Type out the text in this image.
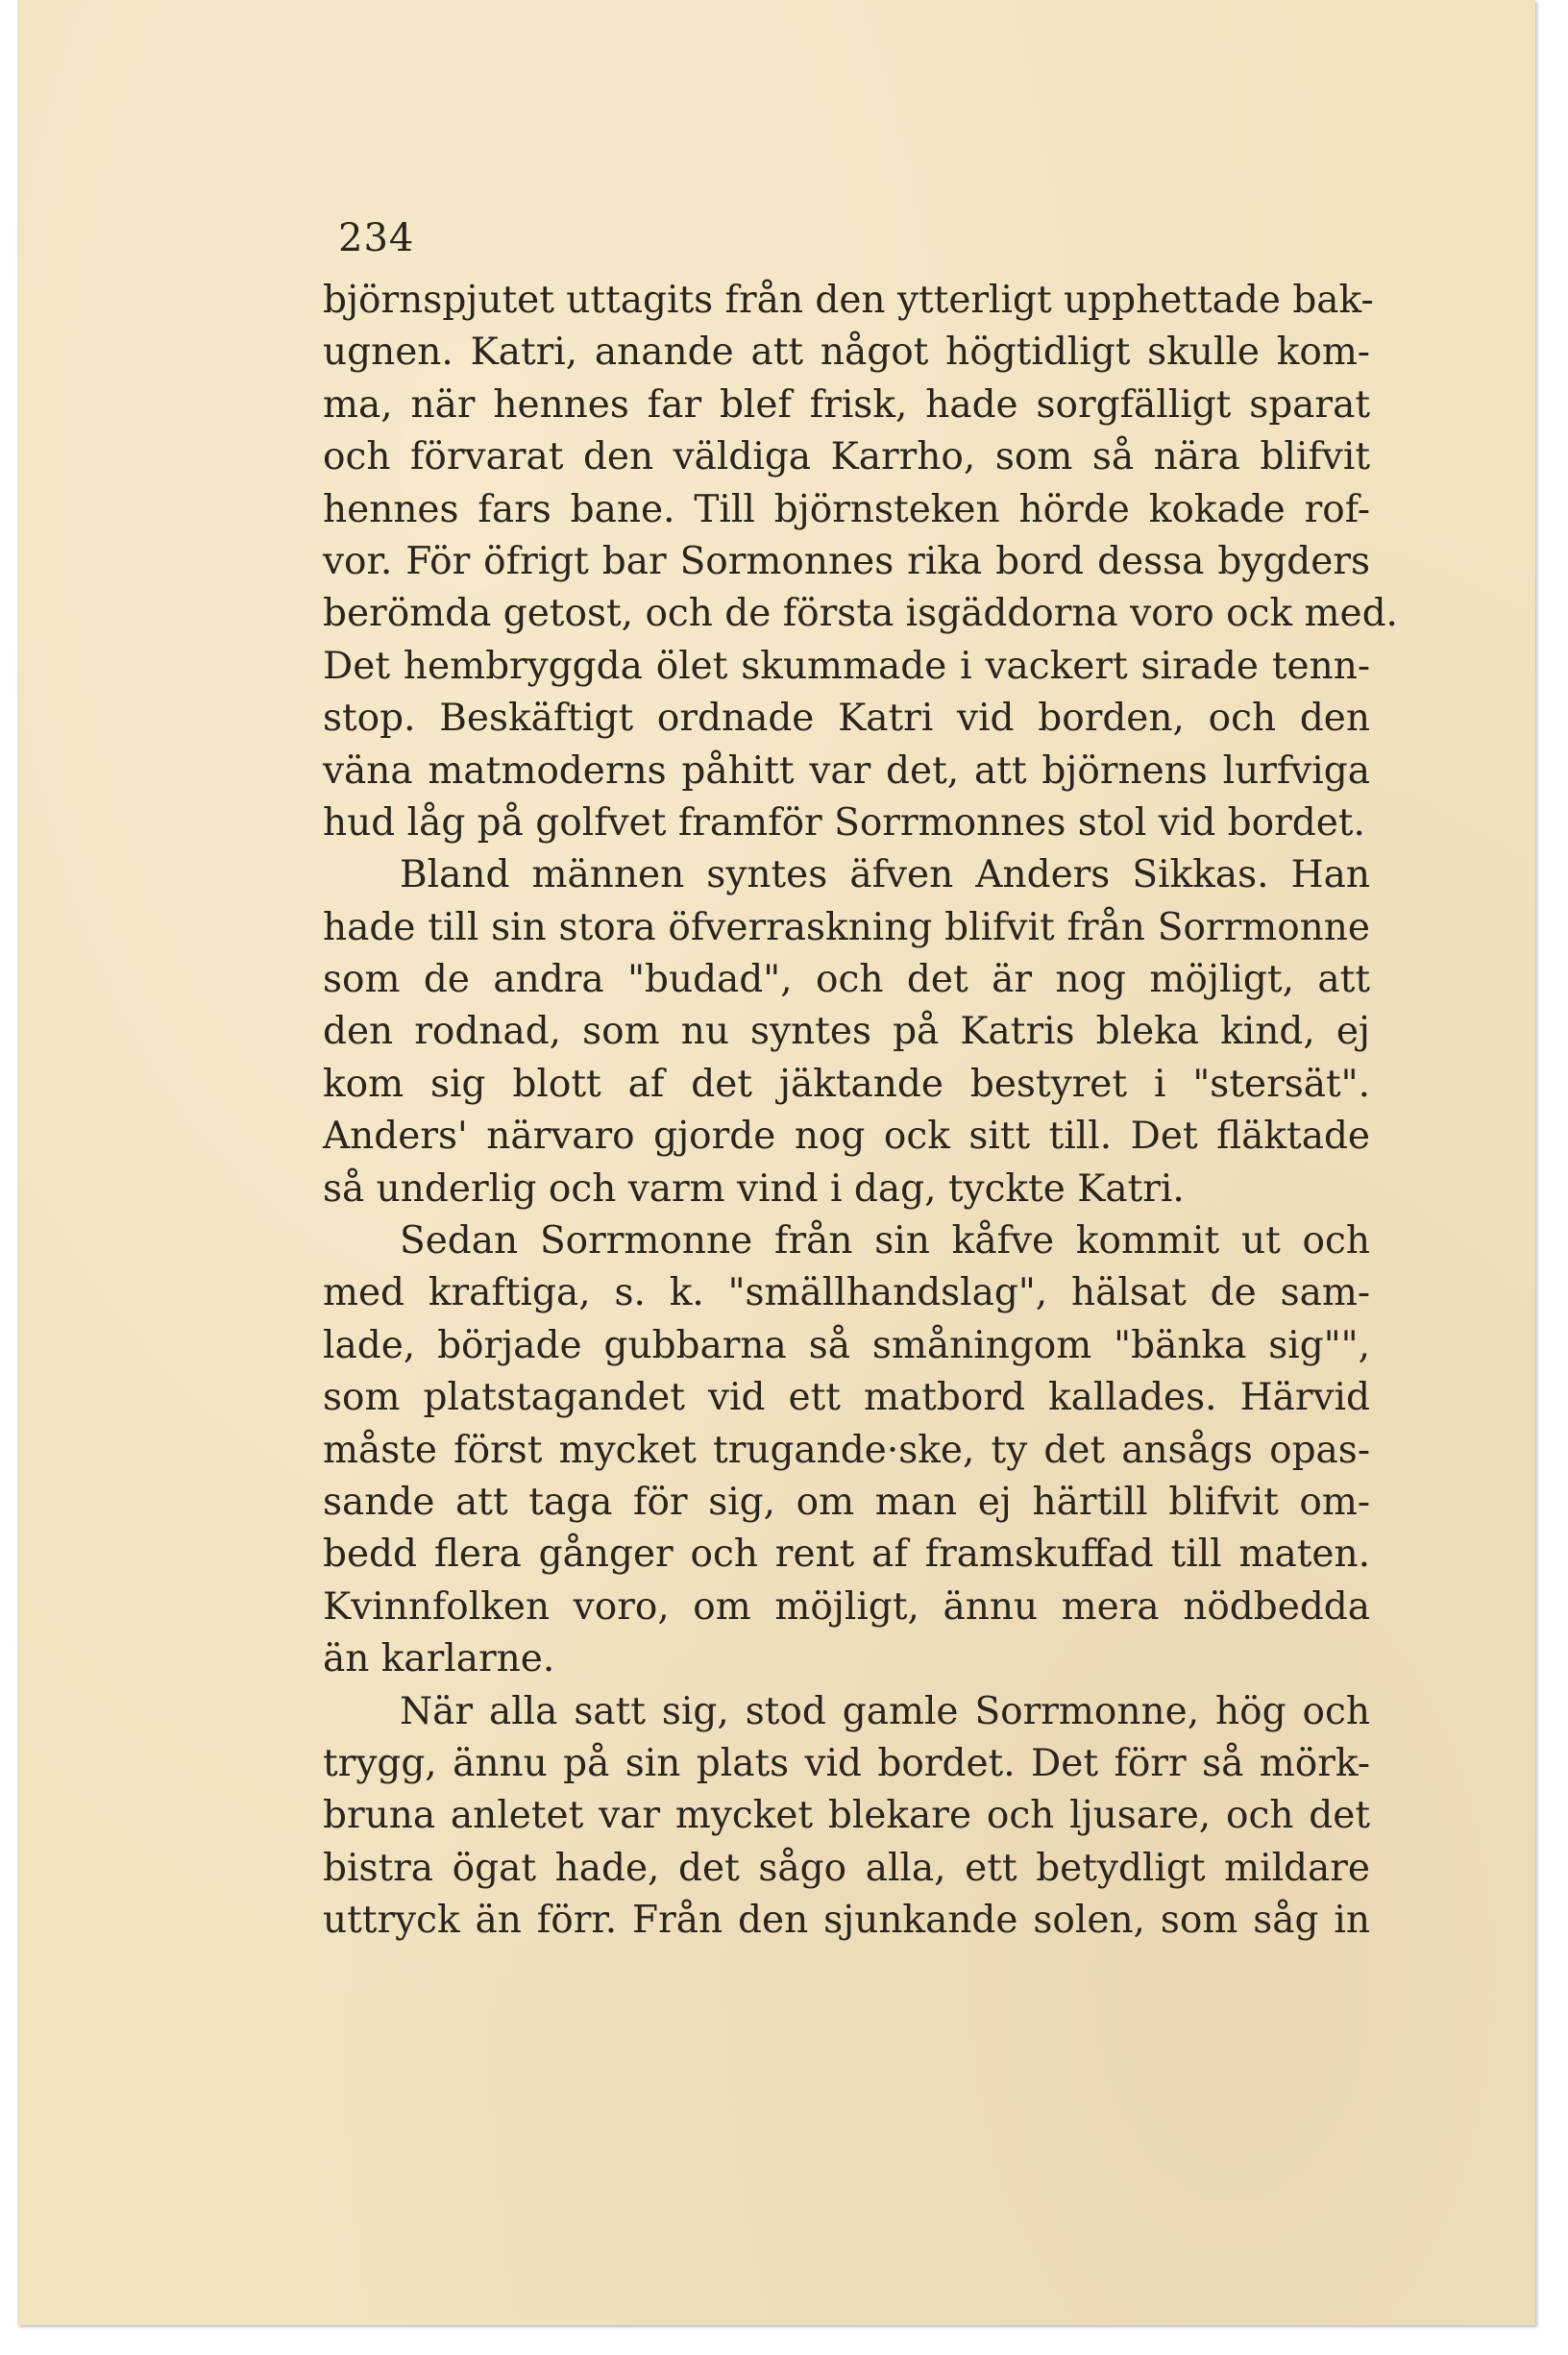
234
björnspjutet uttagits från den ytterligt upphettade bak-
ugnen. Katri, anande att något högtidligt skulle kom-
ma, när hennes far blef frisk, hade sorgfälligt sparat
och förvarat den väldiga Karrho, som så nära blifvit
hennes fars bane. Till björnsteken hörde kokade rof-
vor. För öfrigt bar Sormonnes rika bord dessa bygders
berömda getost, och de första isgäddorna voro ock med.
Det hembryggda ölet skummade i vackert sirade tenn-
stop. Beskäftigt ordnade Katri vid borden, och den
väna matmoderns påhitt var det, att björnens lurfviga
hud låg på golfvet framför Sorrmonnes stol vid bordet.
Bland männen syntes äfven Anders Sikkas. Han
hade till sin stora öfverraskning blifvit från Sorrmonne
som de andra "budad", och det är nog möjligt, att
den rodnad, som nu syntes på Katris bleka kind, ej
kom sig blott af det jäktande bestyret i "stersät".
Anders' närvaro gjorde nog ock sitt till. Det fläktade
så underlig och varm vind i dag, tyckte Katri.
Sedan Sorrmonne från sin kåfve kommit ut och
med kraftiga, s. k. "smällhandslag", hälsat de sam-
lade, började gubbarna så småningom "bänka sig"",
som platstagandet vid ett matbord kallades. Härvid
måste först mycket trugande·ske, ty det ansågs opas-
sande att taga för sig, om man ej härtill blifvit om-
bedd flera gånger och rent af framskuffad till maten.
Kvinnfolken voro, om möjligt, ännu mera nödbedda
än karlarne.
När alla satt sig, stod gamle Sorrmonne, hög och
trygg, ännu på sin plats vid bordet. Det förr så mörk-
bruna anletet var mycket blekare och ljusare, och det
bistra ögat hade, det sågo alla, ett betydligt mildare
uttryck än förr. Från den sjunkande solen, som såg in
